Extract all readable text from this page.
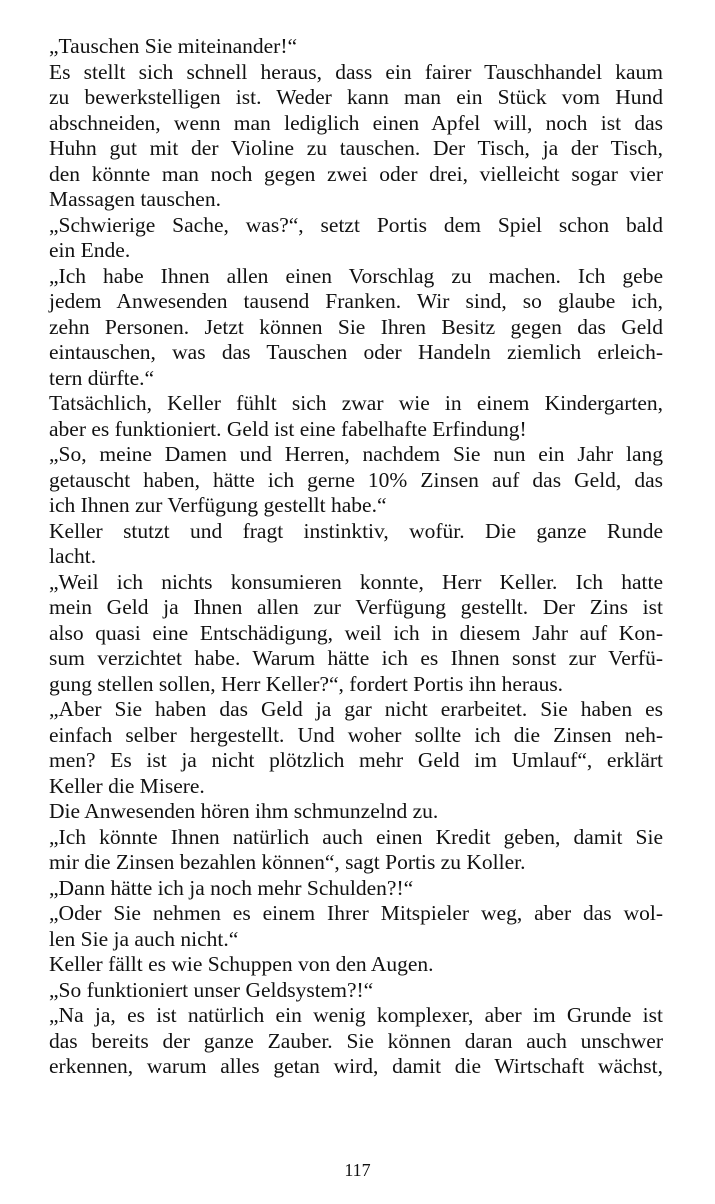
„Tauschen Sie miteinander!“
Es stellt sich schnell heraus, dass ein fairer Tauschhandel kaum
zu bewerkstelligen ist. Weder kann man ein Stück vom Hund
abschneiden, wenn man lediglich einen Apfel will, noch ist das
Huhn gut mit der Violine zu tauschen. Der Tisch, ja der Tisch,
den könnte man noch gegen zwei oder drei, vielleicht sogar vier
Massagen tauschen.
„Schwierige Sache, was?“, setzt Portis dem Spiel schon bald
ein Ende.
„Ich habe Ihnen allen einen Vorschlag zu machen. Ich gebe
jedem Anwesenden tausend Franken. Wir sind, so glaube ich,
zehn Personen. Jetzt können Sie Ihren Besitz gegen das Geld
eintauschen, was das Tauschen oder Handeln ziemlich erleich-
tern dürfte.“
Tatsächlich, Keller fühlt sich zwar wie in einem Kindergarten,
aber es funktioniert. Geld ist eine fabelhafte Erfindung!
„So, meine Damen und Herren, nachdem Sie nun ein Jahr lang
getauscht haben, hätte ich gerne 10% Zinsen auf das Geld, das
ich Ihnen zur Verfügung gestellt habe.“
Keller stutzt und fragt instinktiv, wofür. Die ganze Runde
lacht.
„Weil ich nichts konsumieren konnte, Herr Keller. Ich hatte
mein Geld ja Ihnen allen zur Verfügung gestellt. Der Zins ist
also quasi eine Entschädigung, weil ich in diesem Jahr auf Kon-
sum verzichtet habe. Warum hätte ich es Ihnen sonst zur Verfü-
gung stellen sollen, Herr Keller?“, fordert Portis ihn heraus.
„Aber Sie haben das Geld ja gar nicht erarbeitet. Sie haben es
einfach selber hergestellt. Und woher sollte ich die Zinsen neh-
men? Es ist ja nicht plötzlich mehr Geld im Umlauf“, erklärt
Keller die Misere.
Die Anwesenden hören ihm schmunzelnd zu.
„Ich könnte Ihnen natürlich auch einen Kredit geben, damit Sie
mir die Zinsen bezahlen können“, sagt Portis zu Koller.
„Dann hätte ich ja noch mehr Schulden?!“
„Oder Sie nehmen es einem Ihrer Mitspieler weg, aber das wol-
len Sie ja auch nicht.“
Keller fällt es wie Schuppen von den Augen.
„So funktioniert unser Geldsystem?!“
„Na ja, es ist natürlich ein wenig komplexer, aber im Grunde ist
das bereits der ganze Zauber. Sie können daran auch unschwer
erkennen, warum alles getan wird, damit die Wirtschaft wächst,
117
